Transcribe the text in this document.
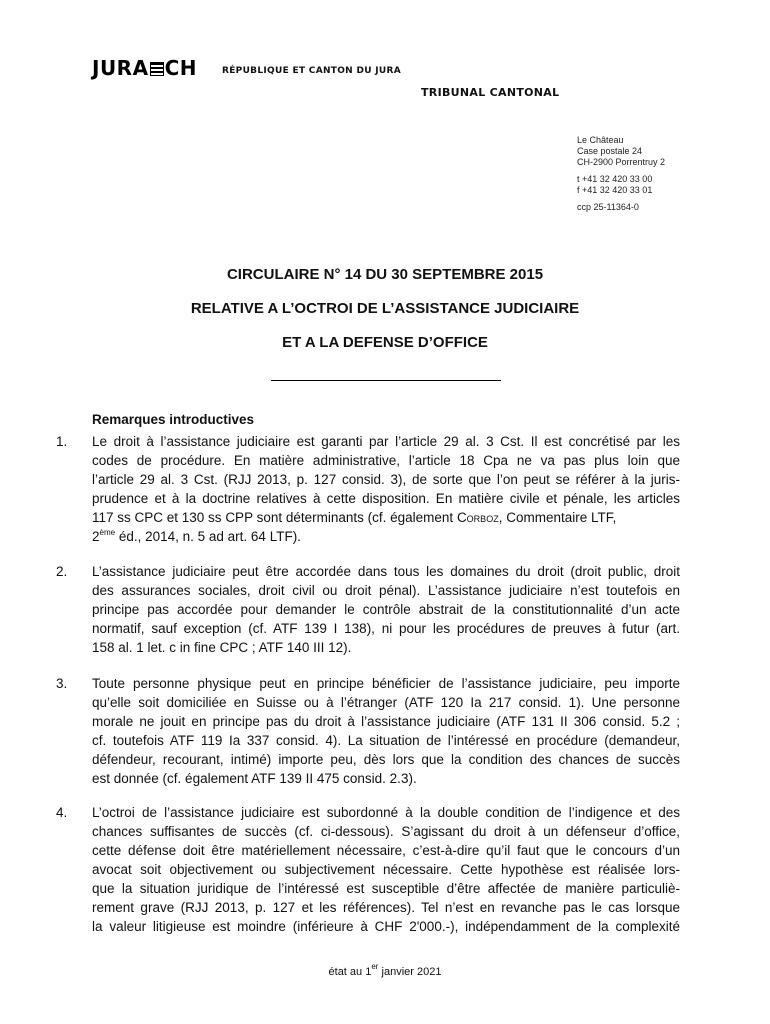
JURA CH	RÉPUBLIQUE ET CANTON DU JURA
TRIBUNAL CANTONAL
Le Château
Case postale 24
CH-2900 Porrentruy 2
t +41 32 420 33 00
f +41 32 420 33 01
ccp 25-11364-0
CIRCULAIRE N° 14 DU 30 SEPTEMBRE 2015
RELATIVE A L’OCTROI DE L’ASSISTANCE JUDICIAIRE
ET A LA DEFENSE D’OFFICE
Remarques introductives
1. Le droit à l’assistance judiciaire est garanti par l’article 29 al. 3 Cst. Il est concrétisé par les
codes de procédure. En matière administrative, l’article 18 Cpa ne va pas plus loin que
l’article 29 al. 3 Cst. (RJJ 2013, p. 127 consid. 3), de sorte que l’on peut se référer à la juris-
prudence et à la doctrine relatives à cette disposition. En matière civile et pénale, les articles
117 ss CPC et 130 ss CPP sont déterminants (cf. également Corboz, Commentaire LTF,
2ème éd., 2014, n. 5 ad art. 64 LTF).
2. L’assistance judiciaire peut être accordée dans tous les domaines du droit (droit public, droit
des assurances sociales, droit civil ou droit pénal). L’assistance judiciaire n’est toutefois en
principe pas accordée pour demander le contrôle abstrait de la constitutionnalité d’un acte
normatif, sauf exception (cf. ATF 139 I 138), ni pour les procédures de preuves à futur (art.
158 al. 1 let. c in fine CPC ; ATF 140 III 12).
3. Toute personne physique peut en principe bénéficier de l’assistance judiciaire, peu importe
qu’elle soit domiciliée en Suisse ou à l’étranger (ATF 120 Ia 217 consid. 1). Une personne
morale ne jouit en principe pas du droit à l’assistance judiciaire (ATF 131 II 306 consid. 5.2 ;
cf. toutefois ATF 119 Ia 337 consid. 4). La situation de l’intéressé en procédure (demandeur,
défendeur, recourant, intimé) importe peu, dès lors que la condition des chances de succès
est donnée (cf. également ATF 139 II 475 consid. 2.3).
4. L’octroi de l’assistance judiciaire est subordonné à la double condition de l’indigence et des
chances suffisantes de succès (cf. ci-dessous). S’agissant du droit à un défenseur d’office,
cette défense doit être matériellement nécessaire, c’est-à-dire qu’il faut que le concours d’un
avocat soit objectivement ou subjectivement nécessaire. Cette hypothèse est réalisée lors-
que la situation juridique de l’intéressé est susceptible d’être affectée de manière particuliè-
rement grave (RJJ 2013, p. 127 et les références). Tel n’est en revanche pas le cas lorsque
la valeur litigieuse est moindre (inférieure à CHF 2'000.-), indépendamment de la complexité
état au 1er janvier 2021
